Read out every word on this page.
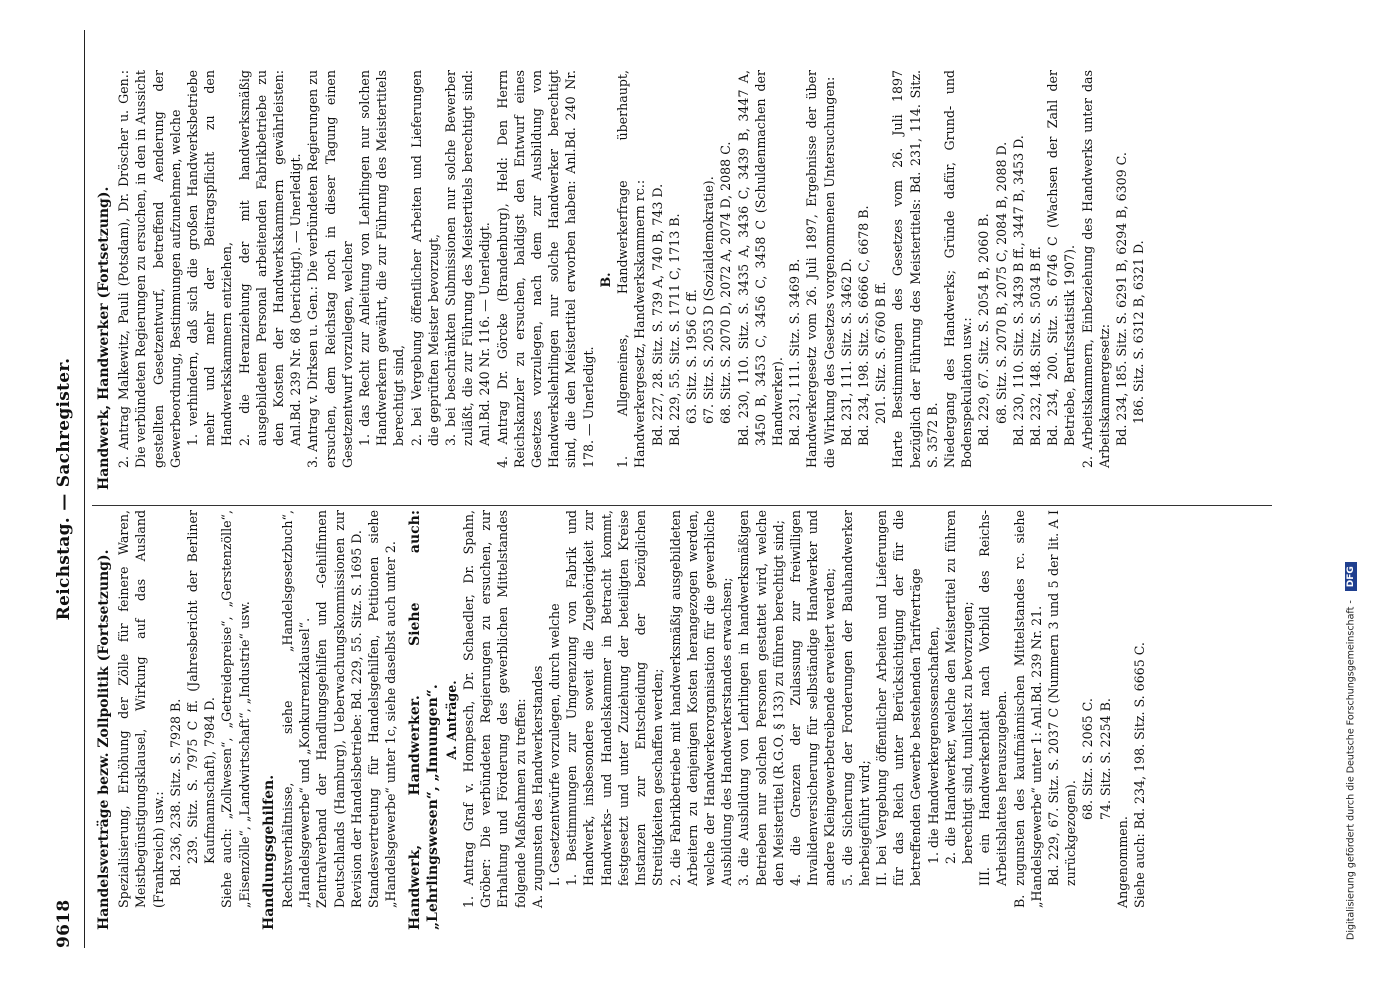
9618
Reichstag. — Sachregister.

Handelsverträge bezw. Zollpolitik (Fortsetzung). Spezialisierung, Erhöhung der Zölle für feinere Waren, Meistbegünstigungsklausel, Wirkung auf das Ausland (Frankreich) usw.: Bd. 236, 238. Sitz. S. 7928 B. 239. Sitz. S. 7975 C ff. (Jahresbericht der Berliner Kaufmannschaft), 7984 D. Siehe auch: „Zollwesen“, „Getreidepreise“, „Gerstenzölle“, „Eisenzölle“, „Landwirtschaft“, „Industrie“ usw. Handlungsgehilfen. Rechtsverhältnisse, siehe „Handelsgesetzbuch“, „Handelsgewerbe“ und „Konkurrenzklausel“. Zentralverband der Handlungsgehilfen und -Gehilfinnen Deutschlands (Hamburg), Ueberwachungskommissionen zur Revision der Handelsbetriebe: Bd. 229, 55. Sitz. S. 1695 D. Standesvertretung für Handelsgehilfen, Petitionen siehe „Handelsgewerbe“ unter 1c, siehe daselbst auch unter 2. Handwerk, Handwerker. Siehe auch: „Lehrlingswesen“, „Innungen“. A. Anträge. 1. Antrag Graf v. Hompesch, Dr. Schaedler, Dr. Spahn, Gröber: Die verbündeten Regierungen zu ersuchen, zur Erhaltung und Förderung des gewerblichen Mittelstandes folgende Maßnahmen zu treffen: A. zugunsten des Handwerkerstandes I. Gesetzentwürfe vorzulegen, durch welche 1. Bestimmungen zur Umgrenzung von Fabrik und Handwerk, insbesondere soweit die Zugehörigkeit zur Handwerks- und Handelskammer in Betracht kommt, festgesetzt und unter Zuziehung der beteiligten Kreise Instanzen zur Entscheidung der bezüglichen Streitigkeiten geschaffen werden; 2. die Fabrikbetriebe mit handwerksmäßig ausgebildeten Arbeitern zu denjenigen Kosten herangezogen werden, welche der Handwerkerorganisation für die gewerbliche Ausbildung des Handwerkerstandes erwachsen; 3. die Ausbildung von Lehrlingen in handwerksmäßigen Betrieben nur solchen Personen gestattet wird, welche den Meistertitel (R.G.O. § 133) zu führen berechtigt sind; 4. die Grenzen der Zulassung zur freiwilligen Invalidenversicherung für selbständige Handwerker und andere Kleingewerbetreibende erweitert werden; 5. die Sicherung der Forderungen der Bauhandwerker herbeigeführt wird; II. bei Vergebung öffentlicher Arbeiten und Lieferungen für das Reich unter Berücksichtigung der für die betreffenden Gewerbe bestehenden Tarifverträge 1. die Handwerkergenossenschaften, 2. die Handwerker, welche den Meistertitel zu führen berechtigt sind, tunlichst zu bevorzugen; III. ein Handwerkerblatt nach Vorbild des Reichs-Arbeitsblattes herauszugeben. B. zugunsten des kaufmännischen Mittelstandes rc. siehe „Handelsgewerbe“ unter 1: Anl.Bd. 239 Nr. 21. Bd. 229, 67. Sitz. S. 2037 C (Nummern 3 und 5 der lit. A I zurückgezogen).

68. Sitz. S. 2065 C. 74. Sitz. S. 2254 B.

Angenommen. Siehe auch: Bd. 234, 198. Sitz. S. 6665 C.

Handwerk, Handwerker (Fortsetzung). 2. Antrag Malkewitz, Pauli (Potsdam), Dr. Dröscher u. Gen.: Die verbündeten Regierungen zu ersuchen, in den in Aussicht gestellten Gesetzentwurf, betreffend Aenderung der Gewerbeordnung, Bestimmungen aufzunehmen, welche 1. verhindern, daß sich die großen Handwerksbetriebe mehr und mehr der Beitragspflicht zu den Handwerkskammern entziehen, 2. die Heranziehung der mit handwerksmäßig ausgebildetem Personal arbeitenden Fabrikbetriebe zu den Kosten der Handwerkskammern gewährleisten: Anl.Bd. 239 Nr. 68 (berichtigt). — Unerledigt. 3. Antrag v. Dirksen u. Gen.: Die verbündeten Regierungen zu ersuchen, dem Reichstag noch in dieser Tagung einen Gesetzentwurf vorzulegen, welcher 1. das Recht zur Anleitung von Lehrlingen nur solchen Handwerkern gewährt, die zur Führung des Meistertitels berechtigt sind, 2. bei Vergebung öffentlicher Arbeiten und Lieferungen die geprüften Meister bevorzugt, 3. bei beschränkten Submissionen nur solche Bewerber zuläßt, die zur Führung des Meistertitels berechtigt sind: Anl.Bd. 240 Nr. 116. — Unerledigt. 4. Antrag Dr. Görcke (Brandenburg), Held: Den Herrn Reichskanzler zu ersuchen, baldigst den Entwurf eines Gesetzes vorzulegen, nach dem zur Ausbildung von Handwerkslehrlingen nur solche Handwerker berechtigt sind, die den Meistertitel erworben haben: Anl.Bd. 240 Nr. 178. — Unerledigt.

B. 1. Allgemeines, Handwerkerfrage überhaupt, Handwerkergesetz, Handwerkskammern rc.: Bd. 227, 28. Sitz. S. 739 A, 740 B, 743 D. Bd. 229, 55. Sitz. S. 1711 C, 1713 B. 63. Sitz. S. 1956 C ff. 67. Sitz. S. 2053 D (Sozialdemokratie). 68. Sitz. S. 2070 D, 2072 A, 2074 D, 2088 C. Bd. 230, 110. Sitz. S. 3435 A, 3436 C, 3439 B, 3447 A, 3450 B, 3453 C, 3456 C, 3458 C (Schuldenmachen der Handwerker). Bd. 231, 111. Sitz. S. 3469 B. Handwerkergesetz vom 26. Juli 1897, Ergebnisse der über die Wirkung des Gesetzes vorgenommenen Untersuchungen: Bd. 231, 111. Sitz. S. 3462 D. Bd. 234, 198. Sitz. S. 6666 C, 6678 B. 201. Sitz. S. 6760 B ff. Harte Bestimmungen des Gesetzes vom 26. Juli 1897 bezüglich der Führung des Meistertitels: Bd. 231, 114. Sitz. S. 3572 B. Niedergang des Handwerks; Gründe dafür, Grund- und Bodenspekulation usw.: Bd. 229, 67. Sitz. S. 2054 B, 2060 B. 68. Sitz. S. 2070 B, 2075 C, 2084 B, 2088 D. Bd. 230, 110. Sitz. S. 3439 B ff., 3447 B, 3453 D. Bd. 232, 148. Sitz. S. 5034 B ff. Bd. 234, 200. Sitz. S. 6746 C (Wachsen der Zahl der Betriebe, Berufsstatistik 1907). 2. Arbeitskammern, Einbeziehung des Handwerks unter das Arbeitskammergesetz: Bd. 234, 185. Sitz. S. 6291 B, 6294 B, 6309 C. 186. Sitz. S. 6312 B, 6321 D.

Digitalisierung gefördert durch die Deutsche Forschungsgemeinschaft - DFG
